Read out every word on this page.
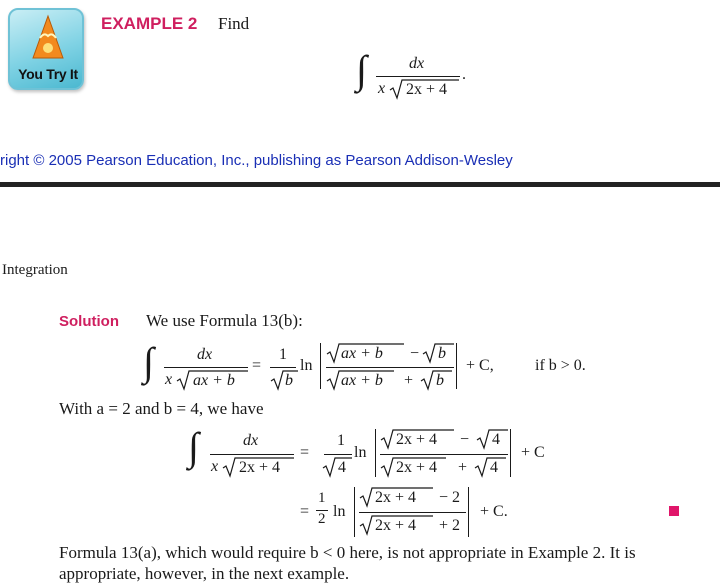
You Try It
EXAMPLE 2 Find
∫	dx
x 2x + 4
.
right © 2005 Pearson Education, Inc., publishing as Pearson Addison-Wesley
Integration
Solution We use Formula 13(b):
∫	dx
x ax + b
=
1
b
ln
ax + b − b
ax + b + b
+ C,	if b > 0.
With a = 2 and b = 4, we have
∫	dx
x 2x + 4
=
1
4
ln
2x + 4 − 4
2x + 4 + 4
+ C
=
1
2 ln
2x + 4 − 2
2x + 4 + 2
+ C.
Formula 13(a), which would require b < 0 here, is not appropriate in Example 2. It is
appropriate, however, in the next example.
